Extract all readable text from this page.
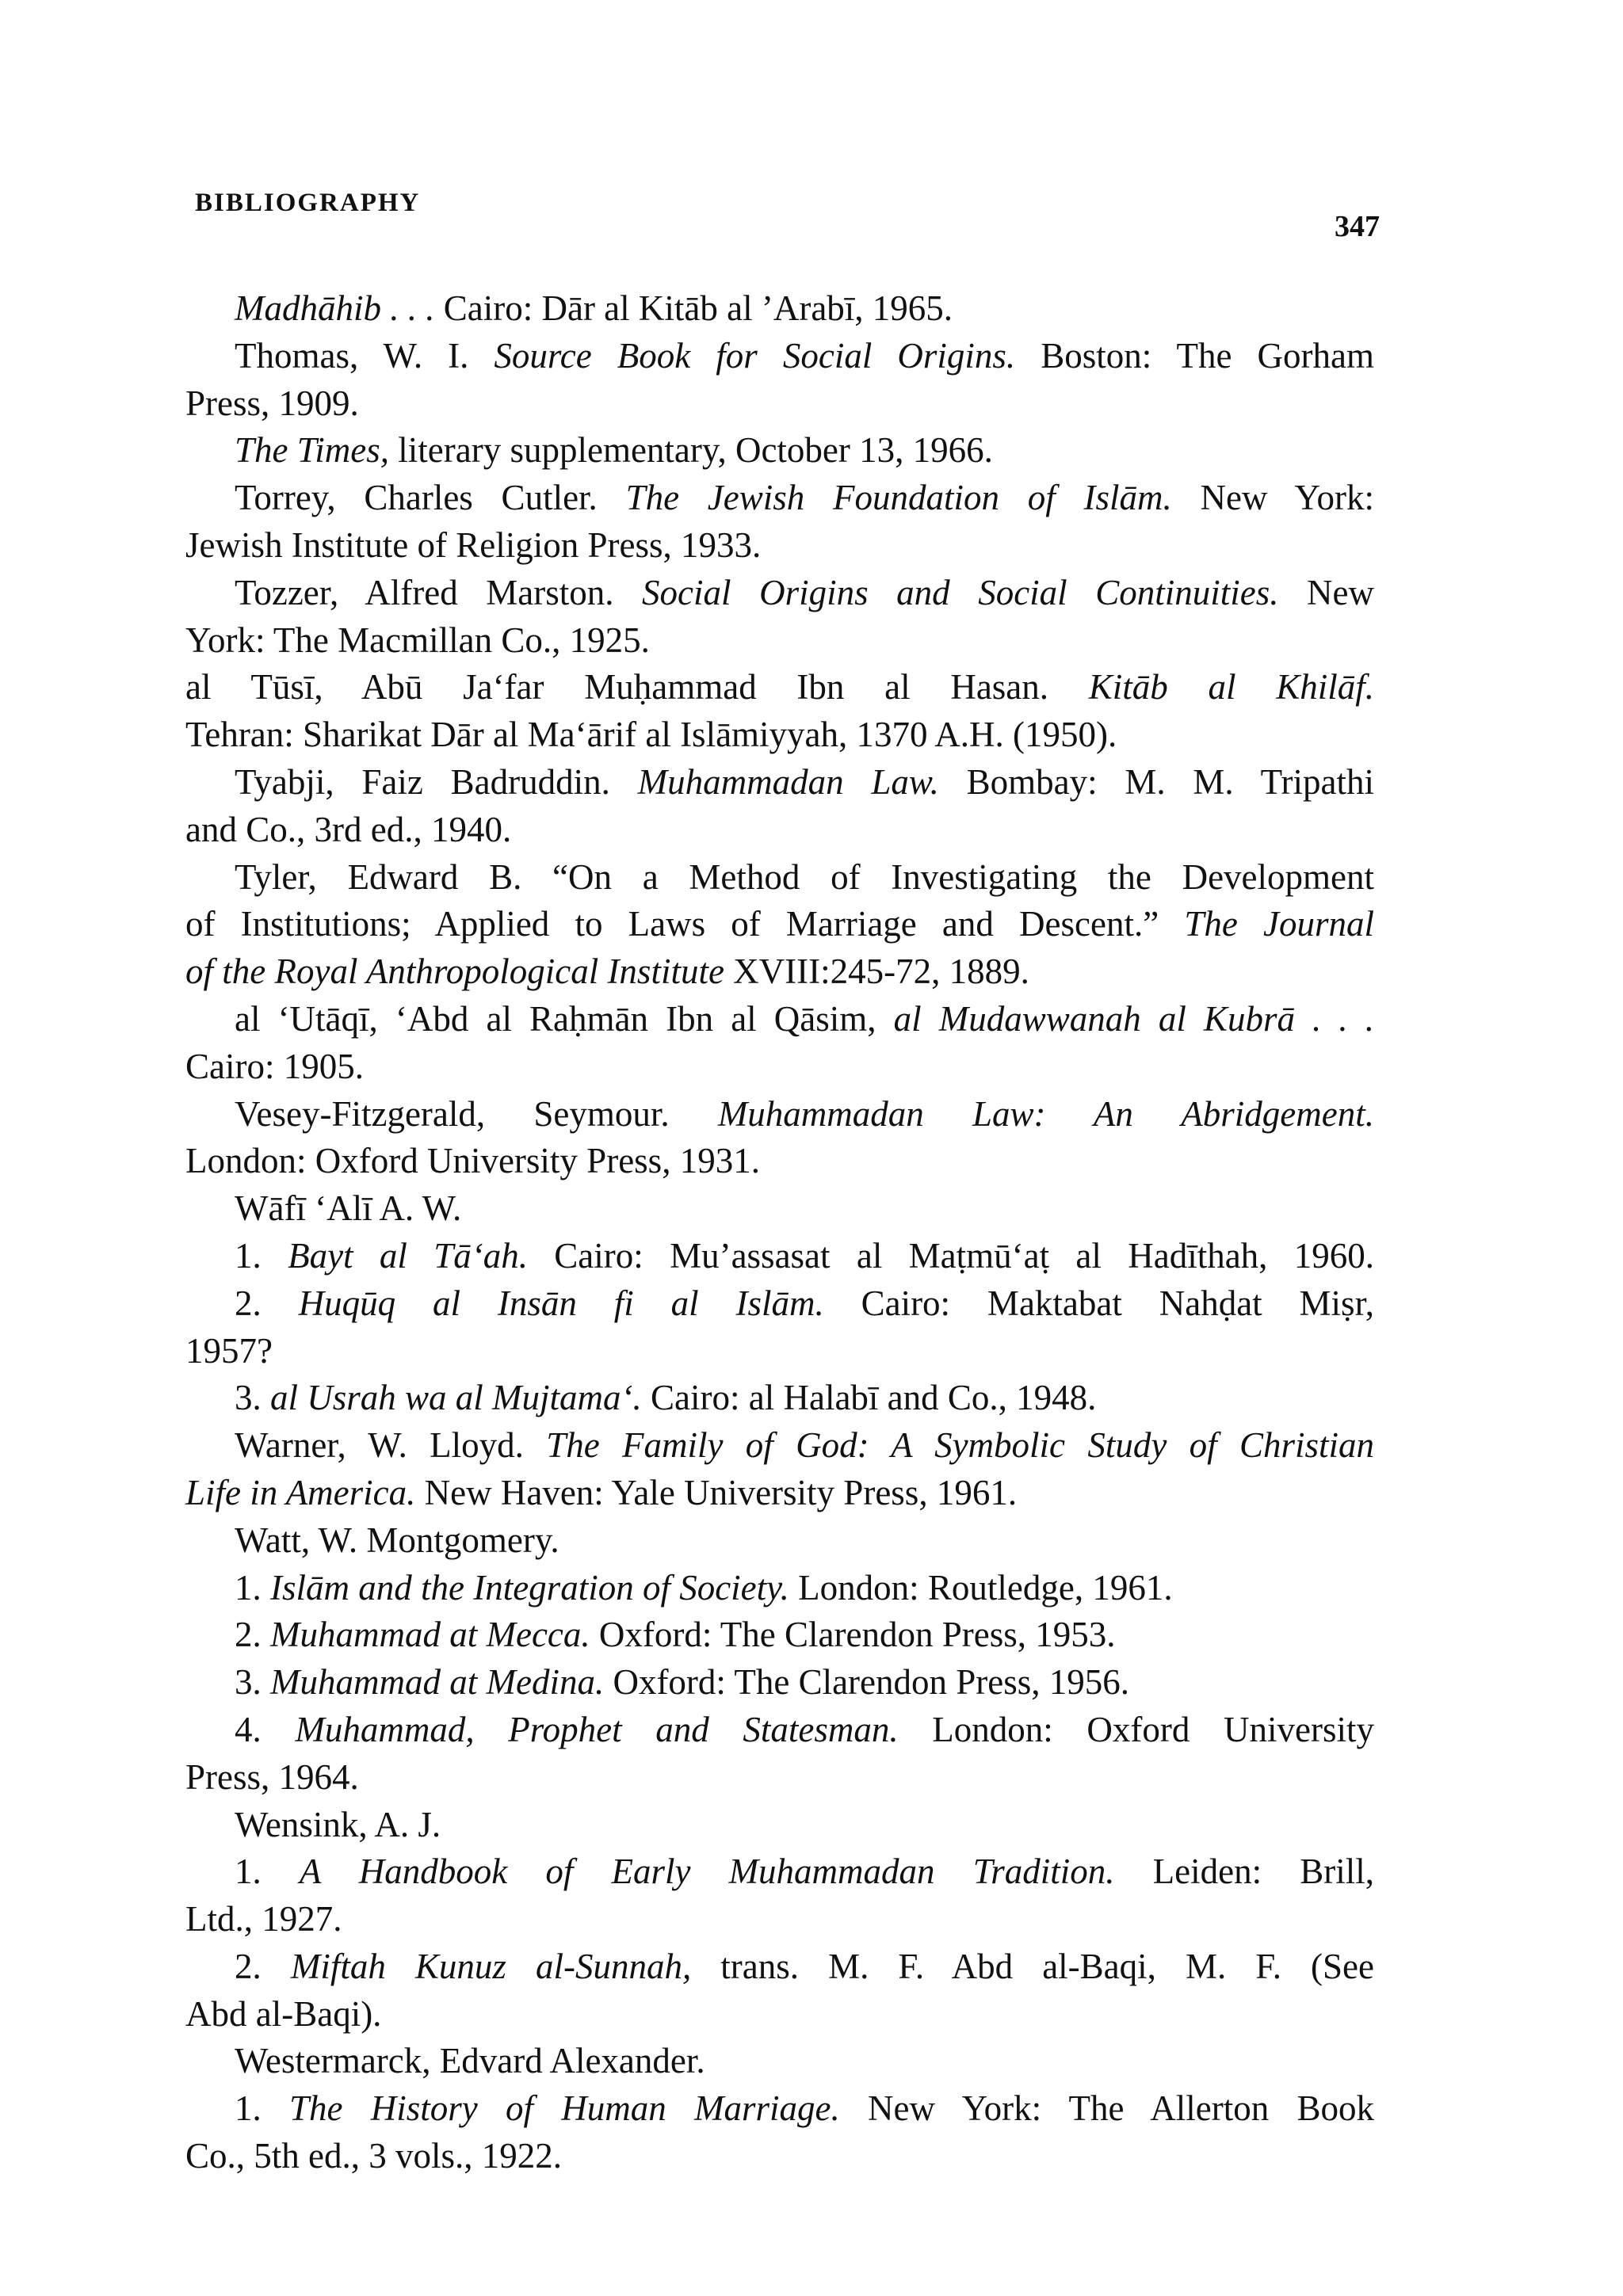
BIBLIOGRAPHY
347
Madhāhib . . . Cairo: Dār al Kitāb al ’Arabī, 1965.
Thomas, W. I. Source Book for Social Origins. Boston: The Gorham
Press, 1909.
The Times, literary supplementary, October 13, 1966.
Torrey, Charles Cutler. The Jewish Foundation of Islām. New York:
Jewish Institute of Religion Press, 1933.
Tozzer, Alfred Marston. Social Origins and Social Continuities. New
York: The Macmillan Co., 1925.
al Tūsī, Abū Ja‘far Muḥammad Ibn al Hasan. Kitāb al Khilāf.
Tehran: Sharikat Dār al Ma‘ārif al Islāmiyyah, 1370 A.H. (1950).
Tyabji, Faiz Badruddin. Muhammadan Law. Bombay: M. M. Tripathi
and Co., 3rd ed., 1940.
Tyler, Edward B. “On a Method of Investigating the Development
of Institutions; Applied to Laws of Marriage and Descent.” The Journal
of the Royal Anthropological Institute XVIII:245-72, 1889.
al ‘Utāqī, ‘Abd al Raḥmān Ibn al Qāsim, al Mudawwanah al Kubrā . . .
Cairo: 1905.
Vesey-Fitzgerald, Seymour. Muhammadan Law: An Abridgement.
London: Oxford University Press, 1931.
Wāfī ‘Alī A. W.
1. Bayt al Tā‘ah. Cairo: Mu’assasat al Maṭmū‘aṭ al Hadīthah, 1960.
2. Huqūq al Insān fi al Islām. Cairo: Maktabat Nahḍat Miṣr,
1957?
3. al Usrah wa al Mujtama‘. Cairo: al Halabī and Co., 1948.
Warner, W. Lloyd. The Family of God: A Symbolic Study of Christian
Life in America. New Haven: Yale University Press, 1961.
Watt, W. Montgomery.
1. Islām and the Integration of Society. London: Routledge, 1961.
2. Muhammad at Mecca. Oxford: The Clarendon Press, 1953.
3. Muhammad at Medina. Oxford: The Clarendon Press, 1956.
4. Muhammad, Prophet and Statesman. London: Oxford University
Press, 1964.
Wensink, A. J.
1. A Handbook of Early Muhammadan Tradition. Leiden: Brill,
Ltd., 1927.
2. Miftah Kunuz al-Sunnah, trans. M. F. Abd al-Baqi, M. F. (See
Abd al-Baqi).
Westermarck, Edvard Alexander.
1. The History of Human Marriage. New York: The Allerton Book
Co., 5th ed., 3 vols., 1922.
